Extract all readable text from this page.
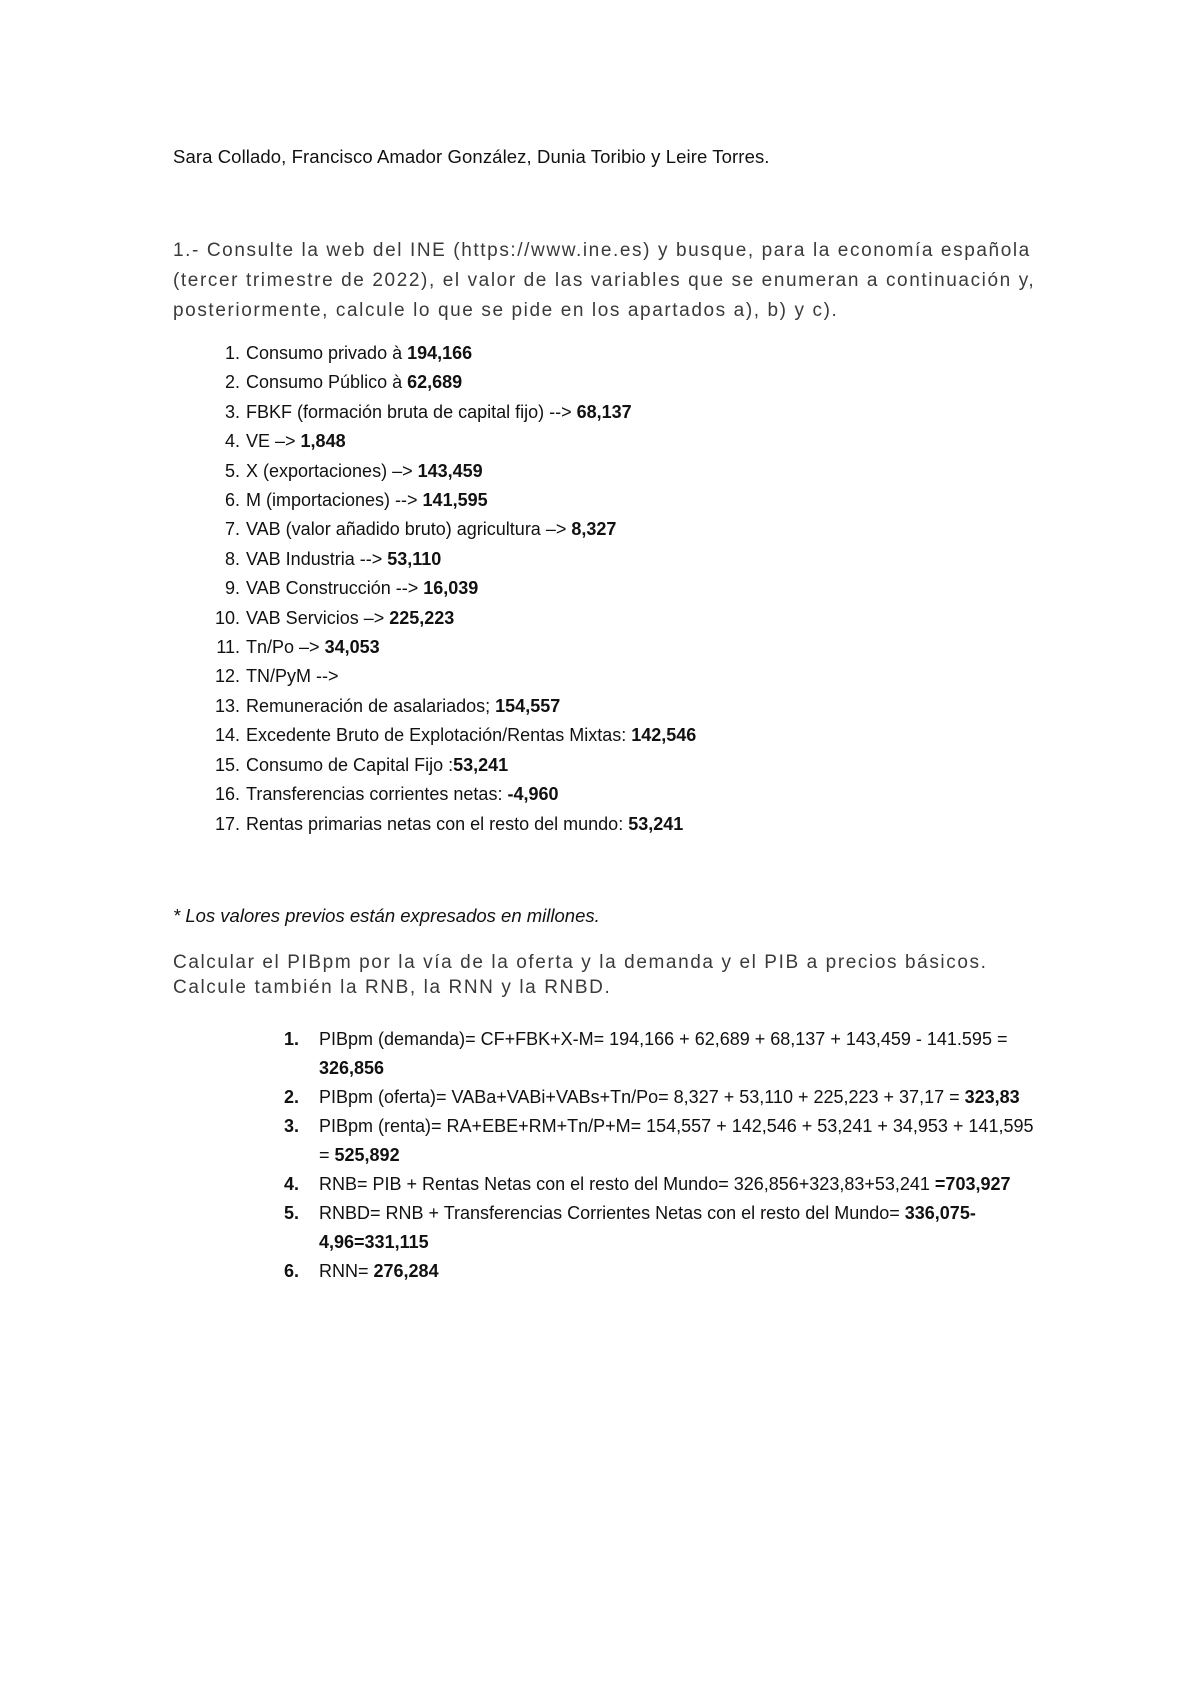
Sara Collado, Francisco Amador González, Dunia Toribio y Leire Torres.
1.- Consulte la web del INE (https://www.ine.es) y busque, para la economía española (tercer trimestre de 2022), el valor de las variables que se enumeran a continuación y, posteriormente, calcule lo que se pide en los apartados a), b) y c).
1. Consumo privado à 194,166
2. Consumo Público à 62,689
3. FBKF (formación bruta de capital fijo) --> 68,137
4. VE –> 1,848
5. X (exportaciones) –> 143,459
6. M (importaciones) --> 141,595
7. VAB (valor añadido bruto) agricultura –> 8,327
8. VAB Industria --> 53,110
9. VAB Construcción --> 16,039
10. VAB Servicios –> 225,223
11. Tn/Po –> 34,053
12. TN/PyM -->
13. Remuneración de asalariados; 154,557
14. Excedente Bruto de Explotación/Rentas Mixtas: 142,546
15. Consumo de Capital Fijo :53,241
16. Transferencias corrientes netas: -4,960
17. Rentas primarias netas con el resto del mundo: 53,241
* Los valores previos están expresados en millones.
Calcular el PIBpm por la vía de la oferta y la demanda y el PIB a precios básicos. Calcule también la RNB, la RNN y la RNBD.
1. PIBpm (demanda)= CF+FBK+X-M= 194,166 + 62,689 + 68,137 + 143,459 - 141.595 = 326,856
2. PIBpm (oferta)= VABa+VABi+VABs+Tn/Po= 8,327 + 53,110 + 225,223 + 37,17 = 323,83
3. PIBpm (renta)= RA+EBE+RM+Tn/P+M= 154,557 + 142,546 + 53,241 + 34,953 + 141,595 = 525,892
4. RNB= PIB + Rentas Netas con el resto del Mundo= 326,856+323,83+53,241 =703,927
5. RNBD= RNB + Transferencias Corrientes Netas con el resto del Mundo= 336,075-4,96=331,115
6. RNN= 276,284
